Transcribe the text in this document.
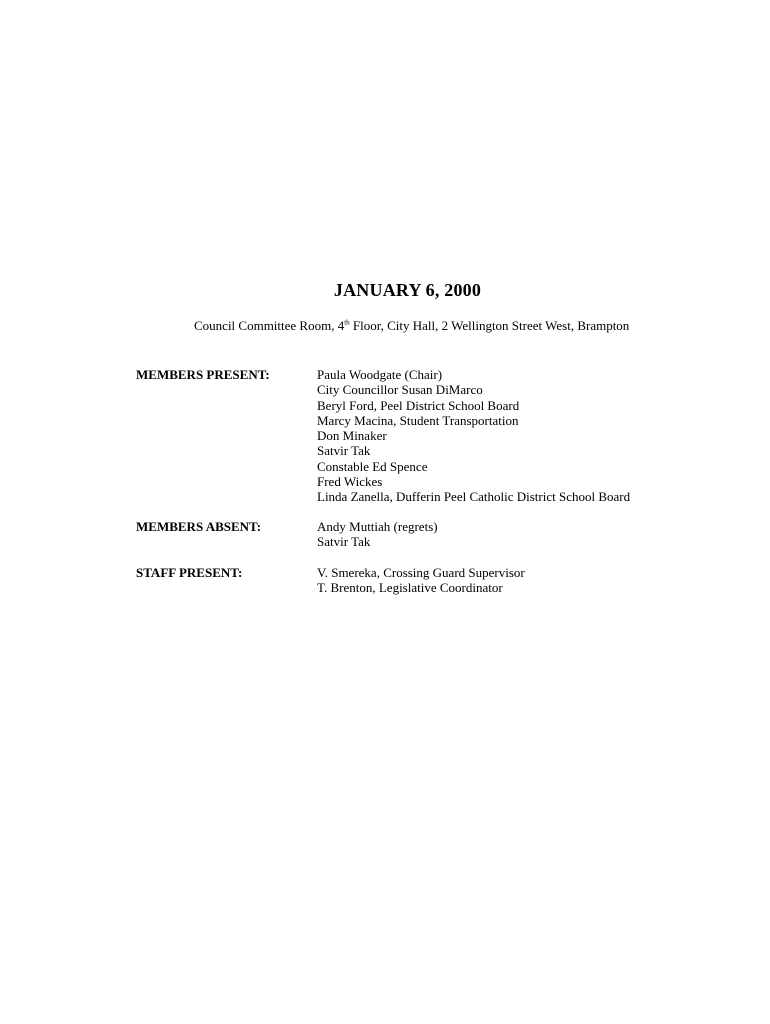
JANUARY 6, 2000
Council Committee Room, 4th Floor, City Hall, 2 Wellington Street West, Brampton
MEMBERS PRESENT:	Paula Woodgate (Chair)
City Councillor Susan DiMarco
Beryl Ford, Peel District School Board
Marcy Macina, Student Transportation
Don Minaker
Satvir Tak
Constable Ed Spence
Fred Wickes
Linda Zanella, Dufferin Peel Catholic District School Board
MEMBERS ABSENT:	Andy Muttiah (regrets)
Satvir Tak
STAFF PRESENT:	V. Smereka, Crossing Guard Supervisor
T. Brenton, Legislative Coordinator
